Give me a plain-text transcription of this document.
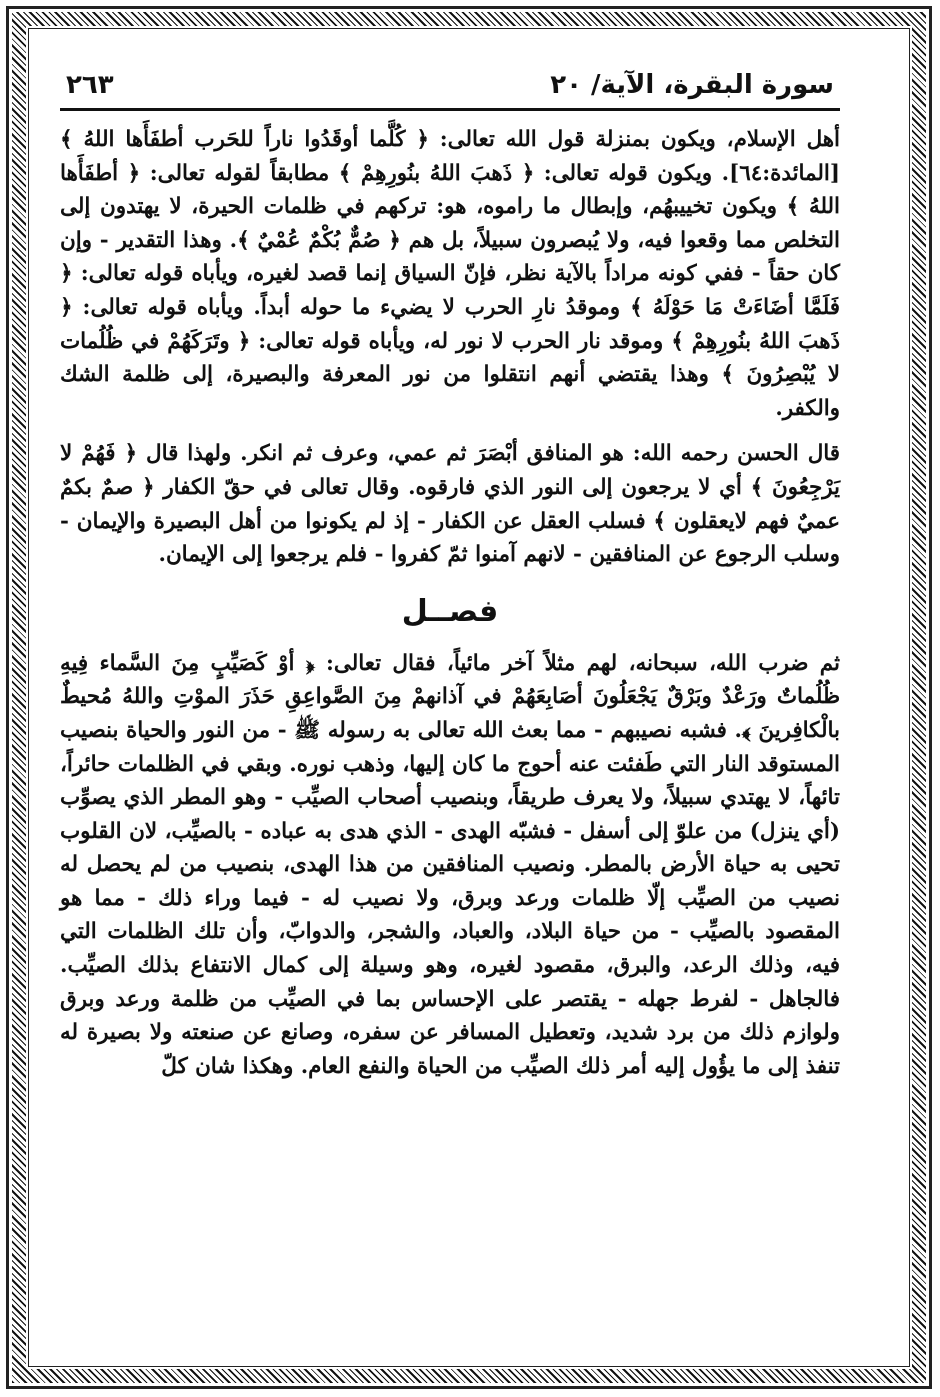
سورة البقرة، الآية/ ٢٠
٢٦٣

أهل الإسلام، ويكون بمنزلة قول الله تعالى: ﴿ كُلَّما أوقَدُوا ناراً للحَرب أطفَأَها اللهُ ﴾ [المائدة:٦٤]. ويكون قوله تعالى: ﴿ ذَهبَ اللهُ بنُورِهِمْ ﴾ مطابقاً لقوله تعالى: ﴿ أطفَأَها اللهُ ﴾ ويكون تخييبهُم، وإبطال ما راموه، هو: تركهم في ظلمات الحيرة، لا يهتدون إلى التخلص مما وقعوا فيه، ولا يُبصرون سبيلاً، بل هم ﴿ صُمٌّ بُكْمٌ عُمْيٌ ﴾. وهذا التقدير - وإن كان حقاً - ففي كونه مراداً بالآية نظر، فإنّ السياق إنما قصد لغيره، ويأباه قوله تعالى: ﴿ فَلَمَّا أضَاءَتْ مَا حَوْلَهُ ﴾ وموقدُ نارِ الحرب لا يضيء ما حوله أبداً. ويأباه قوله تعالى: ﴿ ذَهبَ اللهُ بنُورِهِمْ ﴾ وموقد نار الحرب لا نور له، ويأباه قوله تعالى: ﴿ وتَرَكَهُمْ في ظُلُمات لا يُبْصِرُونَ ﴾ وهذا يقتضي أنهم انتقلوا من نور المعرفة والبصيرة، إلى ظلمة الشك والكفر.

قال الحسن رحمه الله: هو المنافق أبْصَرَ ثم عمي، وعرف ثم انكر. ولهذا قال ﴿ فَهُمْ لا يَرْجِعُونَ ﴾ أي لا يرجعون إلى النور الذي فارقوه. وقال تعالى في حقّ الكفار ﴿ صمٌ بكمٌ عميٌ فهم لايعقلون ﴾ فسلب العقل عن الكفار - إذ لم يكونوا من أهل البصيرة والإيمان - وسلب الرجوع عن المنافقين - لانهم آمنوا ثمّ كفروا - فلم يرجعوا إلى الإيمان.

فصــل

ثم ضرب الله، سبحانه، لهم مثلاً آخر مائياً، فقال تعالى: ﴿ أوْ كَصَيِّبٍ مِنَ السَّماء فِيهِ ظُلُماتٌ ورَعْدٌ وبَرْقٌ يَجْعَلُونَ أصَابِعَهُمْ في آذانهمْ مِنَ الصَّواعِقِ حَذَرَ الموْتِ واللهُ مُحيطٌ بالْكافِرينَ ﴾. فشبه نصيبهم - مما بعث الله تعالى به رسوله ﷺ - من النور والحياة بنصيب المستوقد النار التي طَفئت عنه أحوج ما كان إليها، وذهب نوره. وبقي في الظلمات حائراً، تائهاً، لا يهتدي سبيلاً، ولا يعرف طريقاً، وبنصيب أصحاب الصيِّب - وهو المطر الذي يصوِّب (أي ينزل) من علوّ إلى أسفل - فشبّه الهدى - الذي هدى به عباده - بالصيِّب، لان القلوب تحيى به حياة الأرض بالمطر. ونصيب المنافقين من هذا الهدى، بنصيب من لم يحصل له نصيب من الصيِّب إلّا ظلمات ورعد وبرق، ولا نصيب له - فيما وراء ذلك - مما هو المقصود بالصيِّب - من حياة البلاد، والعباد، والشجر، والدوابّ، وأن تلك الظلمات التي فيه، وذلك الرعد، والبرق، مقصود لغيره، وهو وسيلة إلى كمال الانتفاع بذلك الصيِّب. فالجاهل - لفرط جهله - يقتصر على الإحساس بما في الصيِّب من ظلمة ورعد وبرق ولوازم ذلك من برد شديد، وتعطيل المسافر عن سفره، وصانع عن صنعته ولا بصيرة له تنفذ إلى ما يؤُول إليه أمر ذلك الصيِّب من الحياة والنفع العام. وهكذا شان كلّ
